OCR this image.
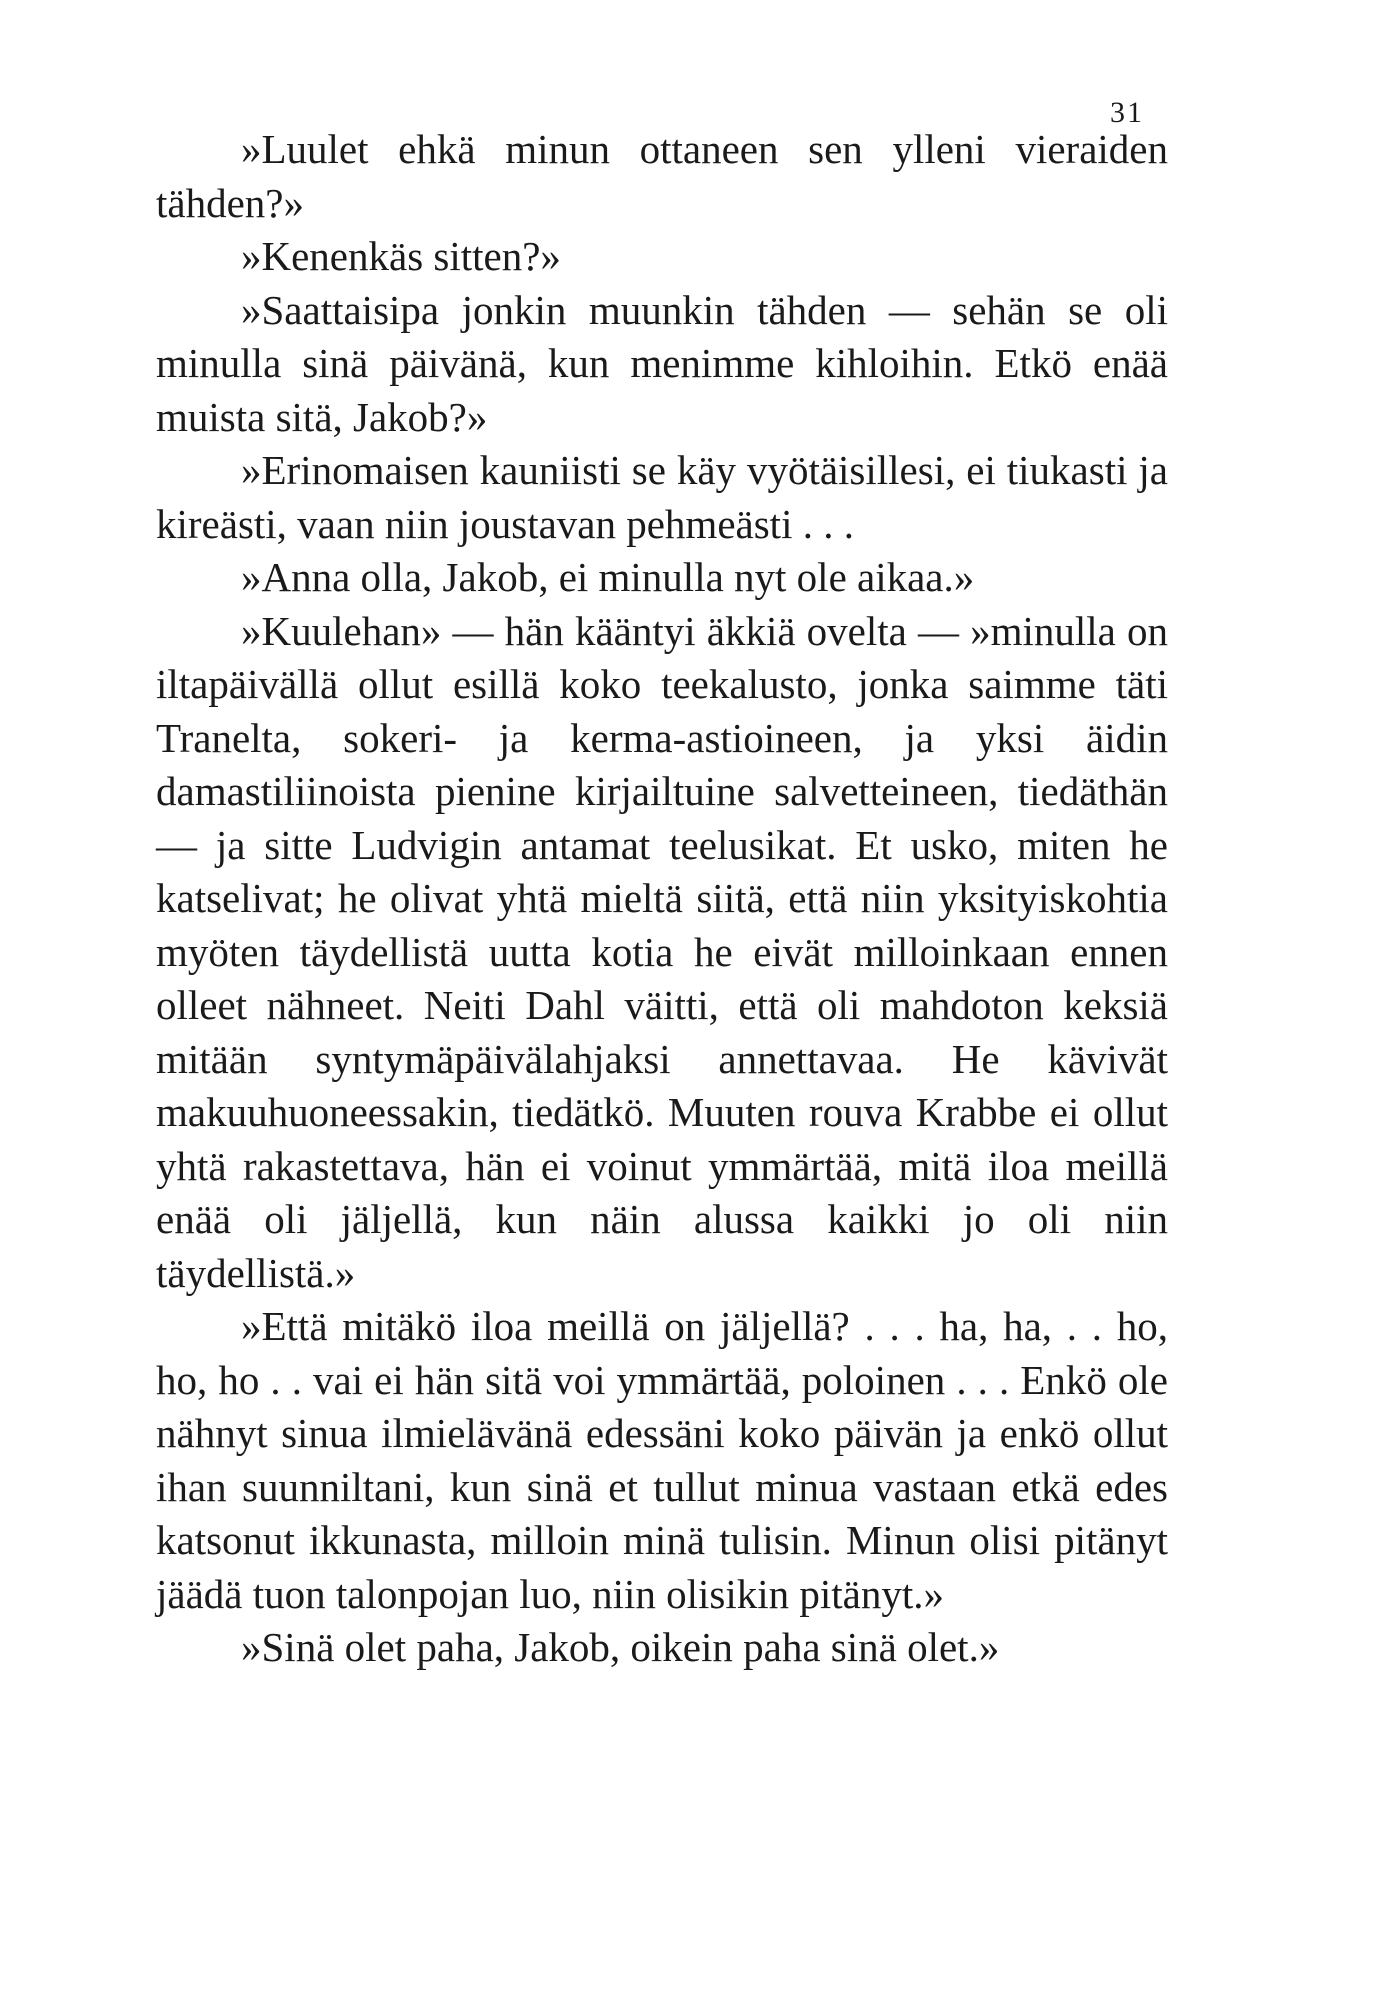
31

»Luulet ehkä minun ottaneen sen ylleni vieraiden tähden?»

»Kenenkäs sitten?»

»Saattaisipa jonkin muunkin tähden — sehän se oli minulla sinä päivänä, kun menimme kihloihin. Etkö enää muista sitä, Jakob?»

»Erinomaisen kauniisti se käy vyötäisillesi, ei tiukasti ja kireästi, vaan niin joustavan pehmeästi . . .

»Anna olla, Jakob, ei minulla nyt ole aikaa.»

»Kuulehan» — hän kääntyi äkkiä ovelta — »minulla on iltapäivällä ollut esillä koko teekalusto, jonka saimme täti Tranelta, sokeri- ja kerma-astioineen, ja yksi äidin damastiliinoista pienine kirjailtuine salvetteineen, tiedäthän — ja sitte Ludvigin antamat teelusikat. Et usko, miten he katselivat; he olivat yhtä mieltä siitä, että niin yksityiskohtia myöten täydellistä uutta kotia he eivät milloinkaan ennen olleet nähneet. Neiti Dahl väitti, että oli mahdoton keksiä mitään syntymäpäivälahjaksi annettavaa. He kävivät makuuhuoneessakin, tiedätkö. Muuten rouva Krabbe ei ollut yhtä rakastettava, hän ei voinut ymmärtää, mitä iloa meillä enää oli jäljellä, kun näin alussa kaikki jo oli niin täydellistä.»

»Että mitäkö iloa meillä on jäljellä? . . . ha, ha, . . ho, ho, ho . . vai ei hän sitä voi ymmärtää, poloinen . . . Enkö ole nähnyt sinua ilmielävänä edessäni koko päivän ja enkö ollut ihan suunniltani, kun sinä et tullut minua vastaan etkä edes katsonut ikkunasta, milloin minä tulisin. Minun olisi pitänyt jäädä tuon talonpojan luo, niin olisikin pitänyt.»

»Sinä olet paha, Jakob, oikein paha sinä olet.»
